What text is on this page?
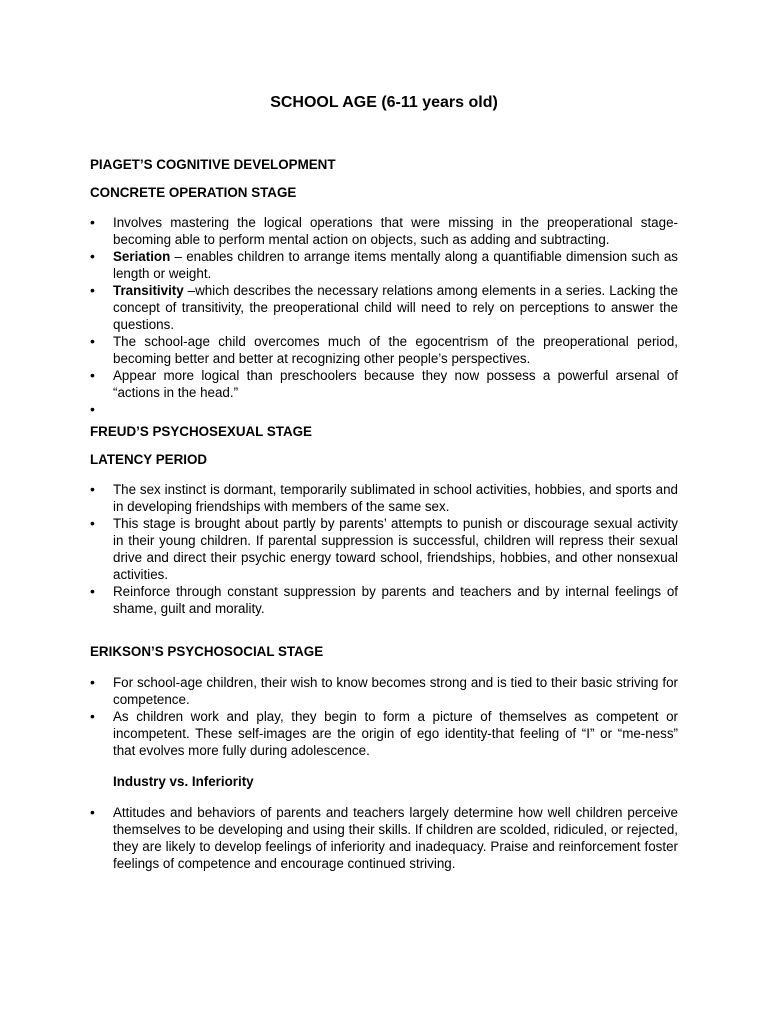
SCHOOL AGE (6-11 years old)
PIAGET’S COGNITIVE DEVELOPMENT
CONCRETE OPERATION STAGE
• Involves mastering the logical operations that were missing in the preoperational stage- becoming able to perform mental action on objects, such as adding and subtracting.
• Seriation – enables children to arrange items mentally along a quantifiable dimension such as length or weight.
• Transitivity –which describes the necessary relations among elements in a series. Lacking the concept of transitivity, the preoperational child will need to rely on perceptions to answer the questions.
• The school-age child overcomes much of the egocentrism of the preoperational period, becoming better and better at recognizing other people’s perspectives.
• Appear more logical than preschoolers because they now possess a powerful arsenal of “actions in the head.”
•
FREUD’S PSYCHOSEXUAL STAGE
LATENCY PERIOD
• The sex instinct is dormant, temporarily sublimated in school activities, hobbies, and sports and in developing friendships with members of the same sex.
• This stage is brought about partly by parents’ attempts to punish or discourage sexual activity in their young children. If parental suppression is successful, children will repress their sexual drive and direct their psychic energy toward school, friendships, hobbies, and other nonsexual activities.
• Reinforce through constant suppression by parents and teachers and by internal feelings of shame, guilt and morality.
ERIKSON’S PSYCHOSOCIAL STAGE
• For school-age children, their wish to know becomes strong and is tied to their basic striving for competence.
• As children work and play, they begin to form a picture of themselves as competent or incompetent. These self-images are the origin of ego identity-that feeling of “I” or “me-ness” that evolves more fully during adolescence.
Industry vs. Inferiority
• Attitudes and behaviors of parents and teachers largely determine how well children perceive themselves to be developing and using their skills. If children are scolded, ridiculed, or rejected, they are likely to develop feelings of inferiority and inadequacy. Praise and reinforcement foster feelings of competence and encourage continued striving.
